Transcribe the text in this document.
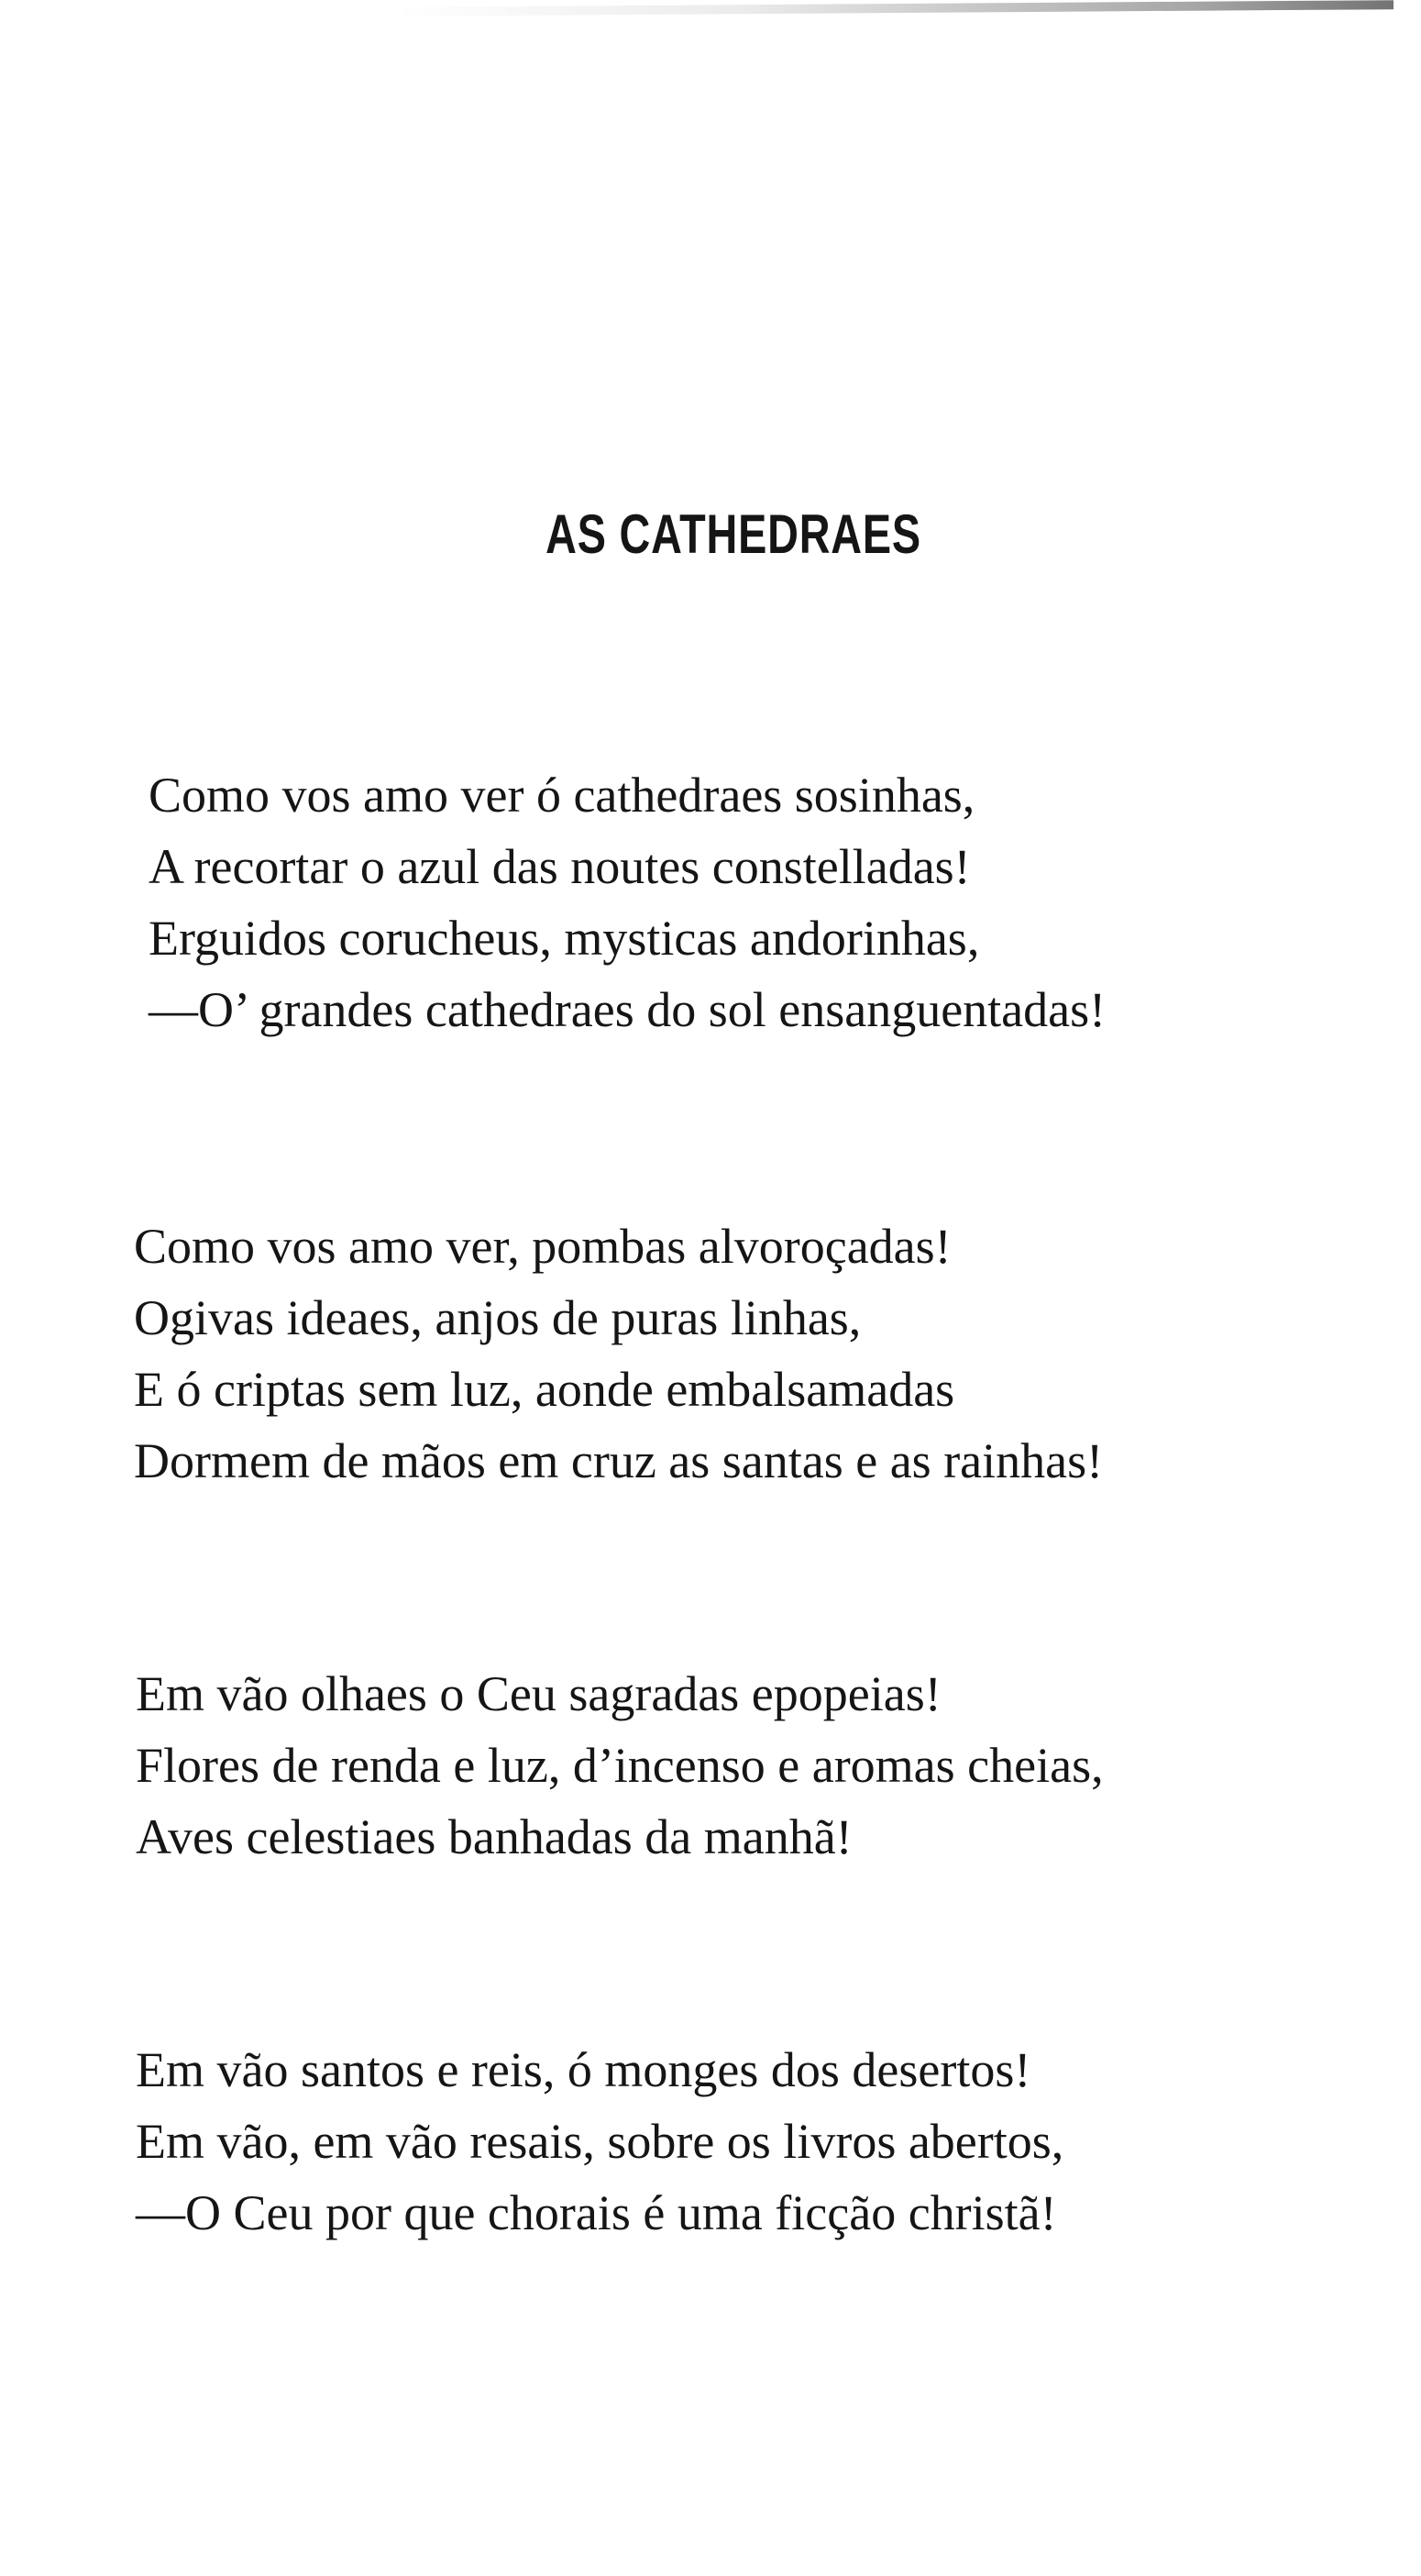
AS CATHEDRAES
Como vos amo ver ó cathedraes sosinhas,
A recortar o azul das noutes constelladas!
Erguidos corucheus, mysticas andorinhas,
—O’ grandes cathedraes do sol ensanguentadas!
Como vos amo ver, pombas alvoroçadas!
Ogivas ideaes, anjos de puras linhas,
E ó criptas sem luz, aonde embalsamadas
Dormem de mãos em cruz as santas e as rainhas!
Em vão olhaes o Ceu sagradas epopeias!
Flores de renda e luz, d’incenso e aromas cheias,
Aves celestiaes banhadas da manhã!
Em vão santos e reis, ó monges dos desertos!
Em vão, em vão resais, sobre os livros abertos,
—O Ceu por que chorais é uma ficção christã!
